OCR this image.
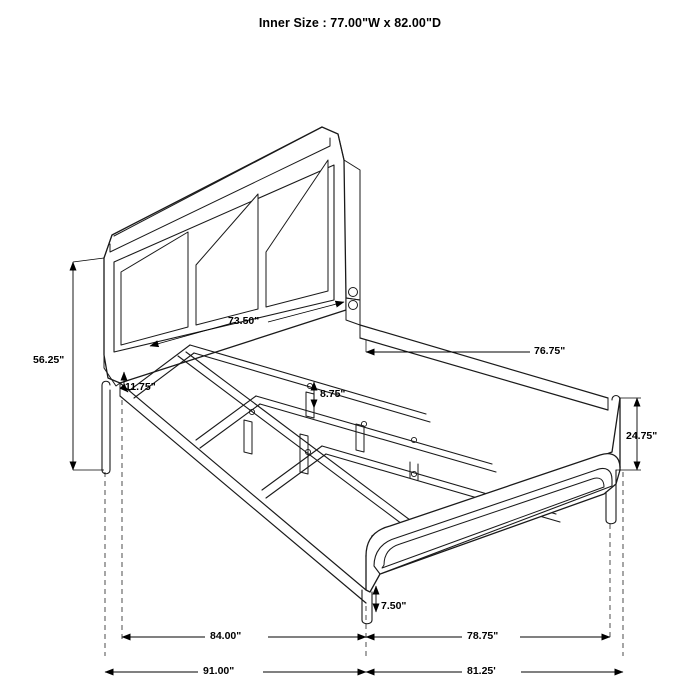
Inner Size : 77.00"W x 82.00"D
56.25"
73.50"
11.75"
8.75"
76.75"
24.75"
7.50"
84.00"	78.75"
91.00"	81.25'
